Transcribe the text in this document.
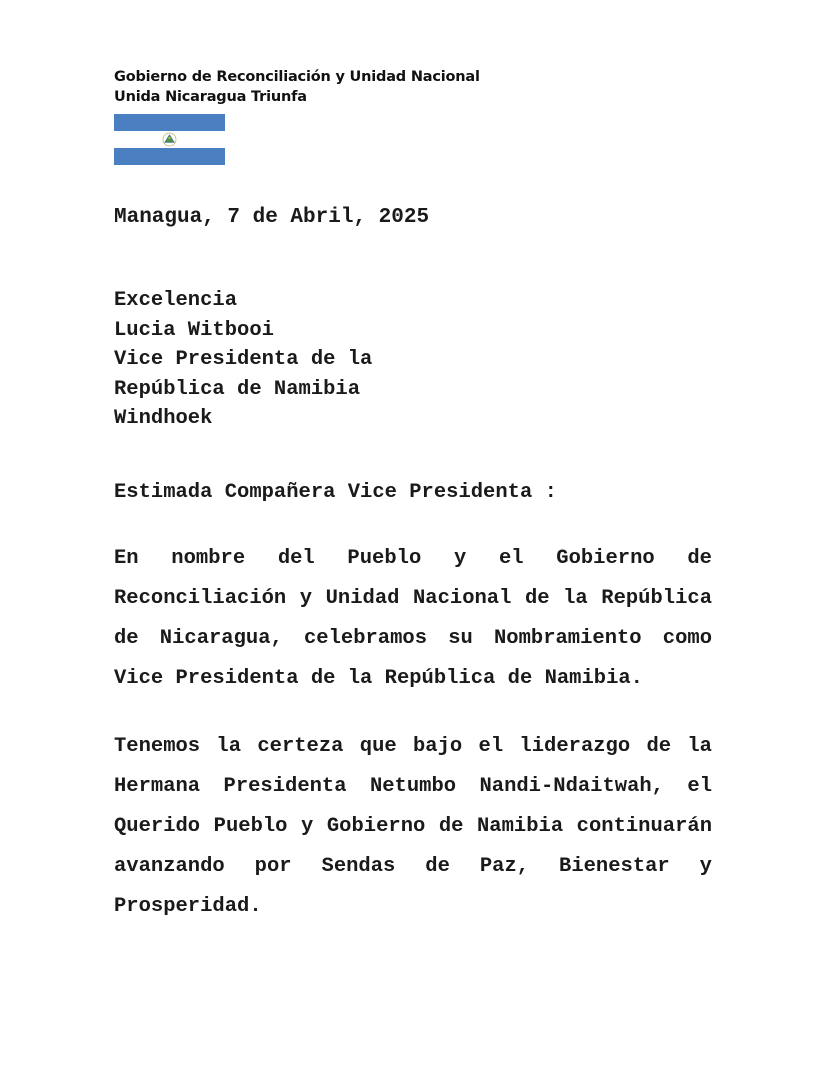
Gobierno de Reconciliación y Unidad Nacional
Unida Nicaragua Triunfa
Managua, 7 de Abril, 2025
Excelencia
Lucia Witbooi
Vice Presidenta de la
República de Namibia
Windhoek
Estimada Compañera Vice Presidenta :
En nombre del Pueblo y el Gobierno de Reconciliación y Unidad Nacional de la República de Nicaragua, celebramos su Nombramiento como Vice Presidenta de la República de Namibia.
Tenemos la certeza que bajo el liderazgo de la Hermana Presidenta Netumbo Nandi-Ndaitwah, el Querido Pueblo y Gobierno de Namibia continuarán avanzando por Sendas de Paz, Bienestar y Prosperidad.
